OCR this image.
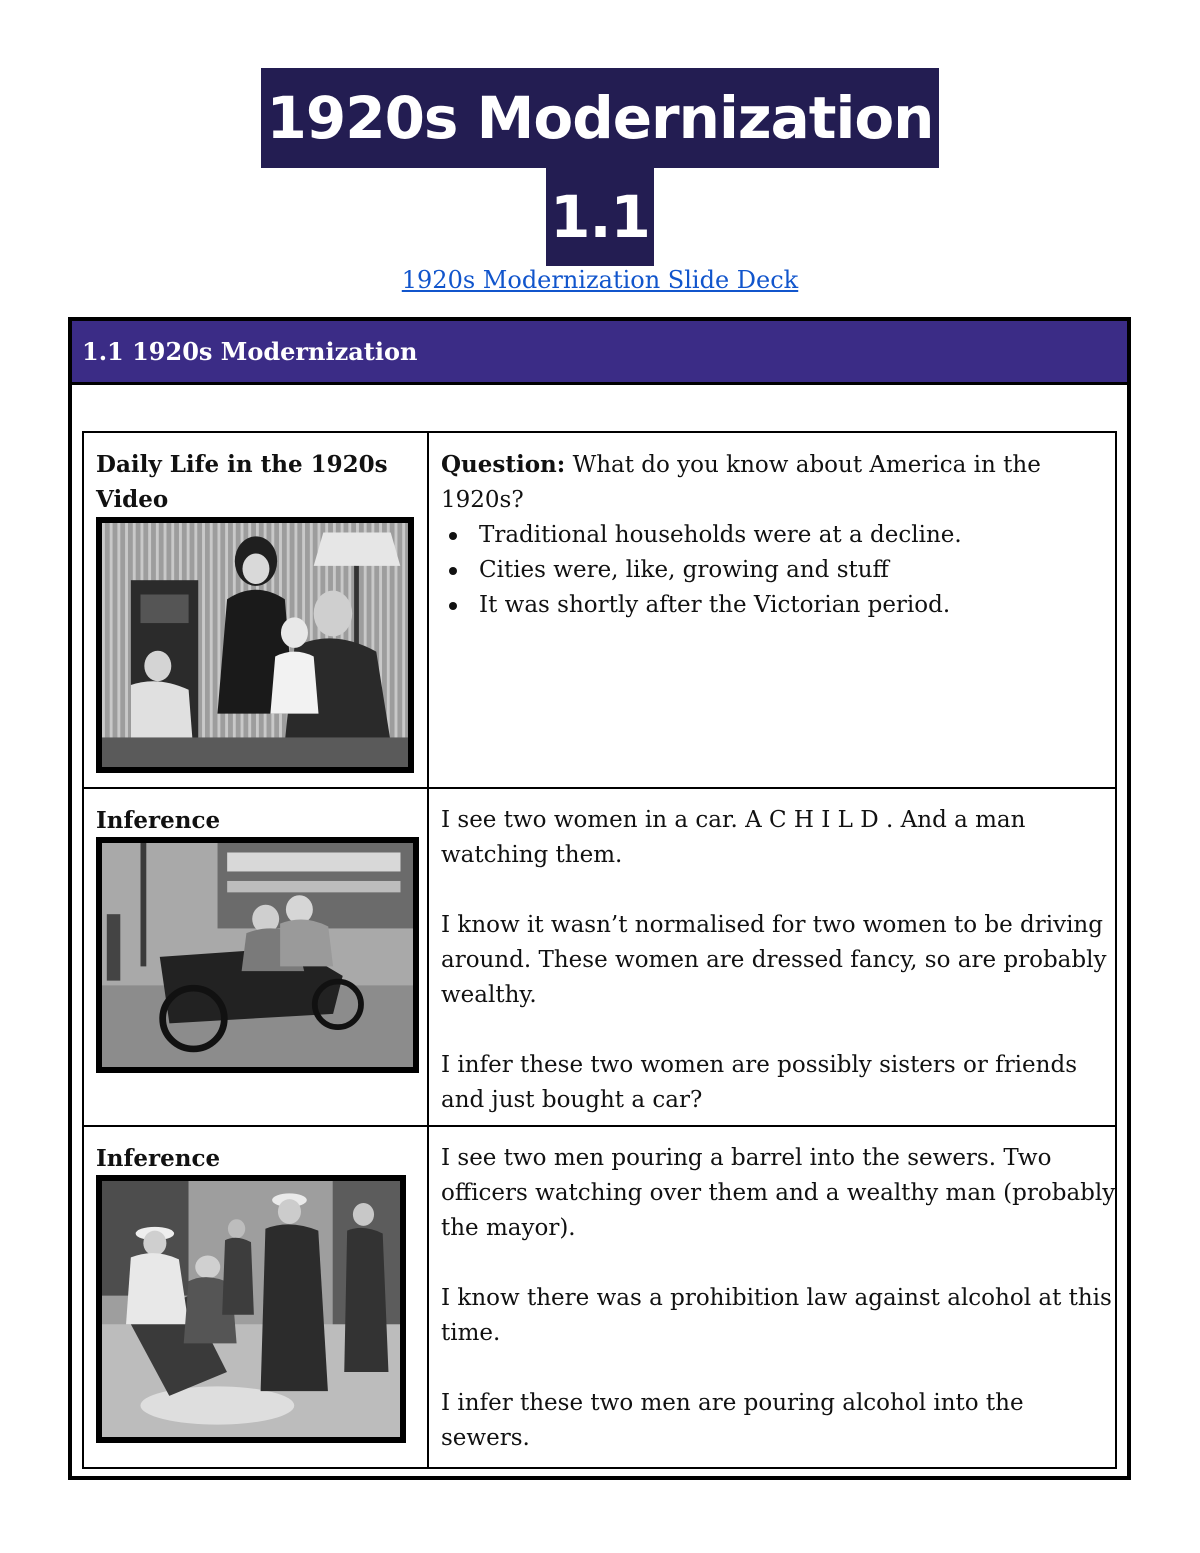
1920s Modernization
1.1
1920s Modernization Slide Deck
1.1 1920s Modernization
Daily Life in the 1920s Video

Question: What do you know about America in the 1920s?

Traditional households were at a decline.
Cities were, like, growing and stuff
It was shortly after the Victorian period.
Inference	I see two women in a car. A C H I L D . And a man watching them.

I know it wasn’t normalised for two women to be driving around. These women are dressed fancy, so are probably wealthy.

I infer these two women are possibly sisters or friends and just bought a car?

Inference	I see two men pouring a barrel into the sewers. Two officers watching over them and a wealthy man (probably the mayor).

I know there was a prohibition law against alcohol at this time.

I infer these two men are pouring alcohol into the sewers.
